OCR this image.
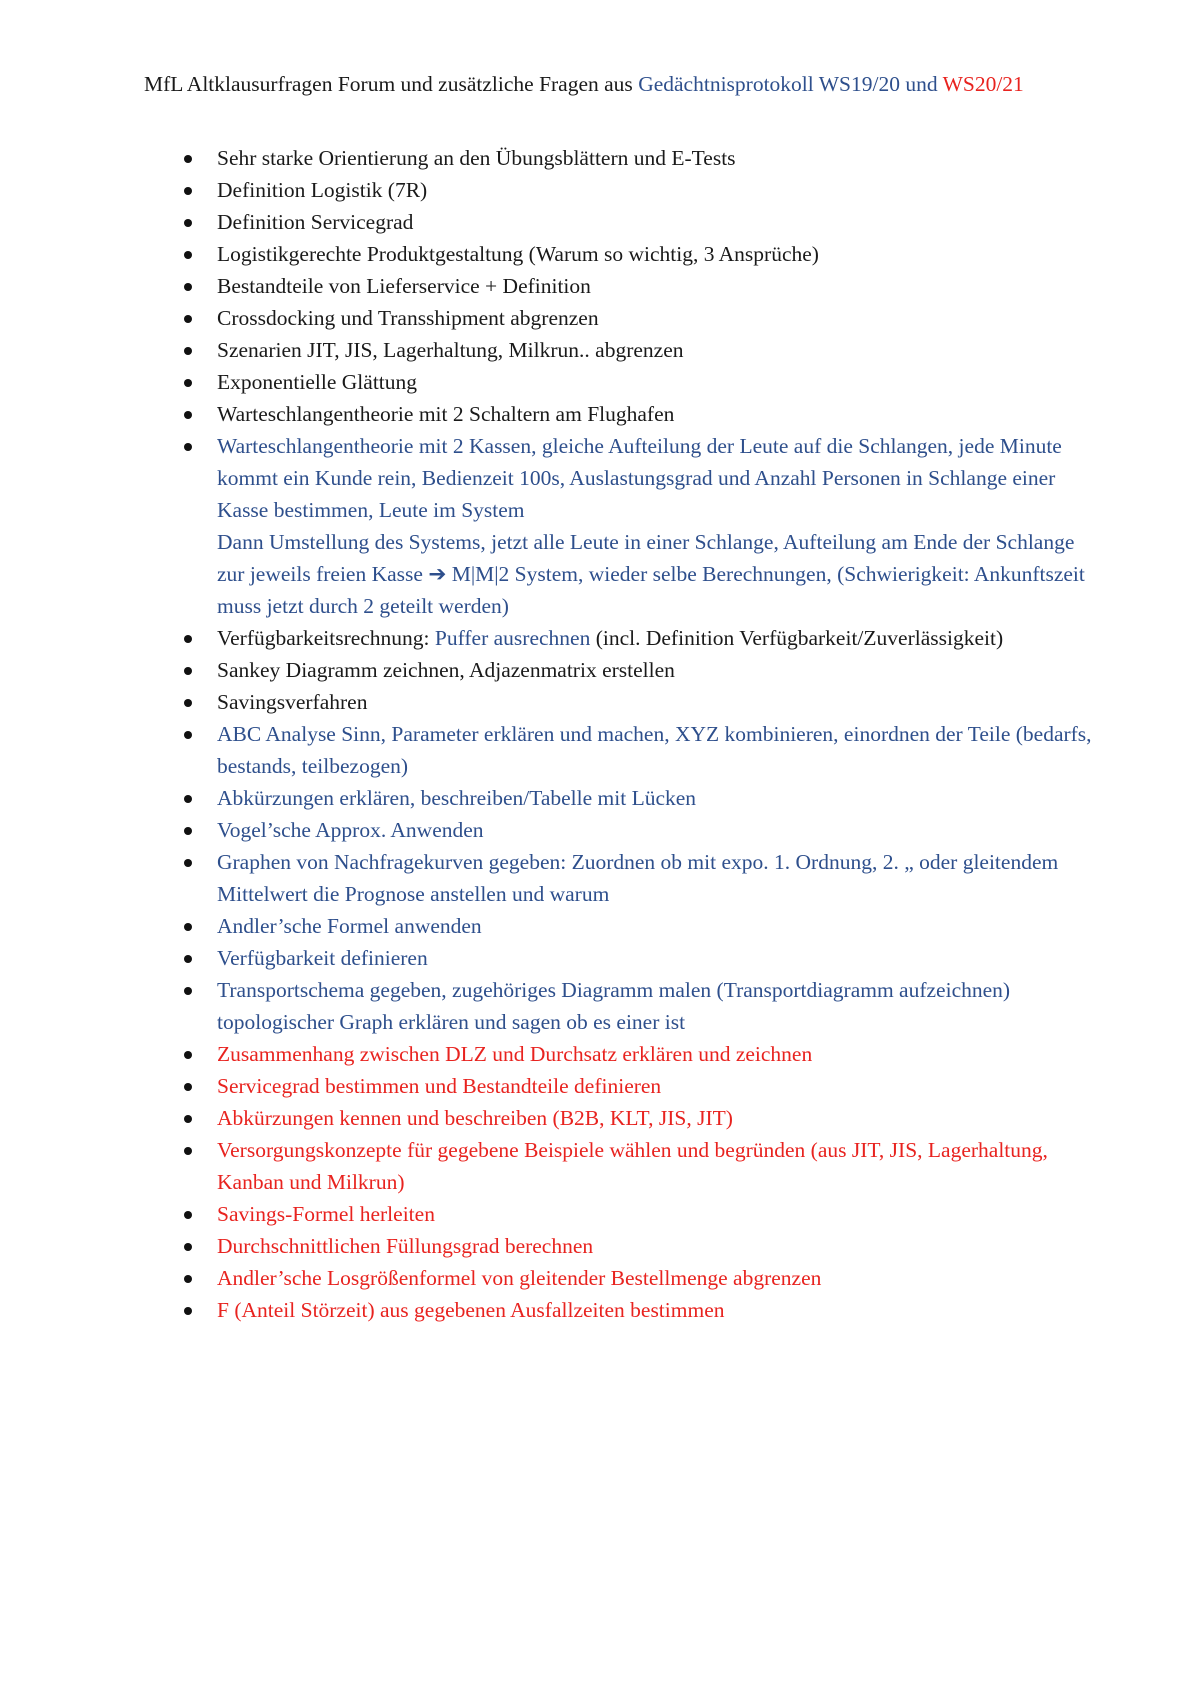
MfL Altklausurfragen Forum und zusätzliche Fragen aus Gedächtnisprotokoll WS19/20 und WS20/21
Sehr starke Orientierung an den Übungsblättern und E-Tests
Definition Logistik (7R)
Definition Servicegrad
Logistikgerechte Produktgestaltung (Warum so wichtig, 3 Ansprüche)
Bestandteile von Lieferservice + Definition
Crossdocking und Transshipment abgrenzen
Szenarien JIT, JIS, Lagerhaltung, Milkrun.. abgrenzen
Exponentielle Glättung
Warteschlangentheorie mit 2 Schaltern am Flughafen
Warteschlangentheorie mit 2 Kassen, gleiche Aufteilung der Leute auf die Schlangen, jede Minute kommt ein Kunde rein, Bedienzeit 100s, Auslastungsgrad und Anzahl Personen in Schlange einer Kasse bestimmen, Leute im System
Dann Umstellung des Systems, jetzt alle Leute in einer Schlange, Aufteilung am Ende der Schlange zur jeweils freien Kasse ➔ M|M|2 System, wieder selbe Berechnungen, (Schwierigkeit: Ankunftszeit muss jetzt durch 2 geteilt werden)
Verfügbarkeitsrechnung: Puffer ausrechnen (incl. Definition Verfügbarkeit/Zuverlässigkeit)
Sankey Diagramm zeichnen, Adjazenmatrix erstellen
Savingsverfahren
ABC Analyse Sinn, Parameter erklären und machen, XYZ kombinieren, einordnen der Teile (bedarfs, bestands, teilbezogen)
Abkürzungen erklären, beschreiben/Tabelle mit Lücken
Vogel’sche Approx. Anwenden
Graphen von Nachfragekurven gegeben: Zuordnen ob mit expo. 1. Ordnung, 2. „ oder gleitendem Mittelwert die Prognose anstellen und warum
Andler’sche Formel anwenden
Verfügbarkeit definieren
Transportschema gegeben, zugehöriges Diagramm malen (Transportdiagramm aufzeichnen) topologischer Graph erklären und sagen ob es einer ist
Zusammenhang zwischen DLZ und Durchsatz erklären und zeichnen
Servicegrad bestimmen und Bestandteile definieren
Abkürzungen kennen und beschreiben (B2B, KLT, JIS, JIT)
Versorgungskonzepte für gegebene Beispiele wählen und begründen (aus JIT, JIS, Lagerhaltung, Kanban und Milkrun)
Savings-Formel herleiten
Durchschnittlichen Füllungsgrad berechnen
Andler’sche Losgrößenformel von gleitender Bestellmenge abgrenzen
F (Anteil Störzeit) aus gegebenen Ausfallzeiten bestimmen
